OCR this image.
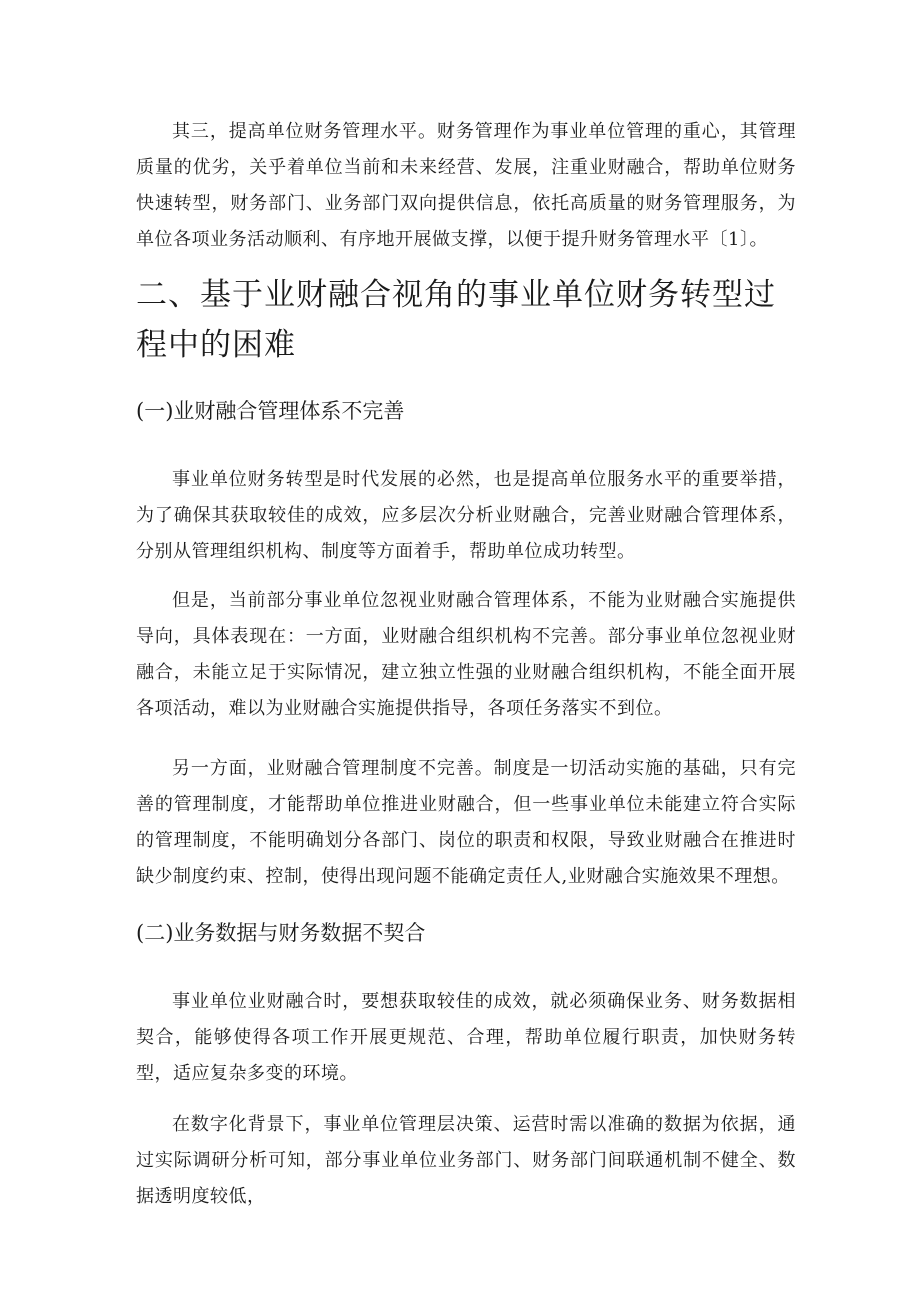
其三，提高单位财务管理水平。财务管理作为事业单位管理的重心，其管理质量的优劣，关乎着单位当前和未来经营、发展，注重业财融合，帮助单位财务快速转型，财务部门、业务部门双向提供信息，依托高质量的财务管理服务，为单位各项业务活动顺利、有序地开展做支撑，以便于提升财务管理水平〔1〕。

二、基于业财融合视角的事业单位财务转型过程中的困难
(一)业财融合管理体系不完善

事业单位财务转型是时代发展的必然，也是提高单位服务水平的重要举措，为了确保其获取较佳的成效，应多层次分析业财融合，完善业财融合管理体系，分别从管理组织机构、制度等方面着手，帮助单位成功转型。

但是，当前部分事业单位忽视业财融合管理体系，不能为业财融合实施提供导向，具体表现在：一方面，业财融合组织机构不完善。部分事业单位忽视业财融合，未能立足于实际情况，建立独立性强的业财融合组织机构，不能全面开展各项活动，难以为业财融合实施提供指导，各项任务落实不到位。

另一方面，业财融合管理制度不完善。制度是一切活动实施的基础，只有完善的管理制度，才能帮助单位推进业财融合，但一些事业单位未能建立符合实际的管理制度，不能明确划分各部门、岗位的职责和权限，导致业财融合在推进时缺少制度约束、控制，使得出现问题不能确定责任人,业财融合实施效果不理想。

(二)业务数据与财务数据不契合

事业单位业财融合时，要想获取较佳的成效，就必须确保业务、财务数据相契合，能够使得各项工作开展更规范、合理，帮助单位履行职责，加快财务转型，适应复杂多变的环境。

在数字化背景下，事业单位管理层决策、运营时需以准确的数据为依据，通过实际调研分析可知，部分事业单位业务部门、财务部门间联通机制不健全、数据透明度较低，
